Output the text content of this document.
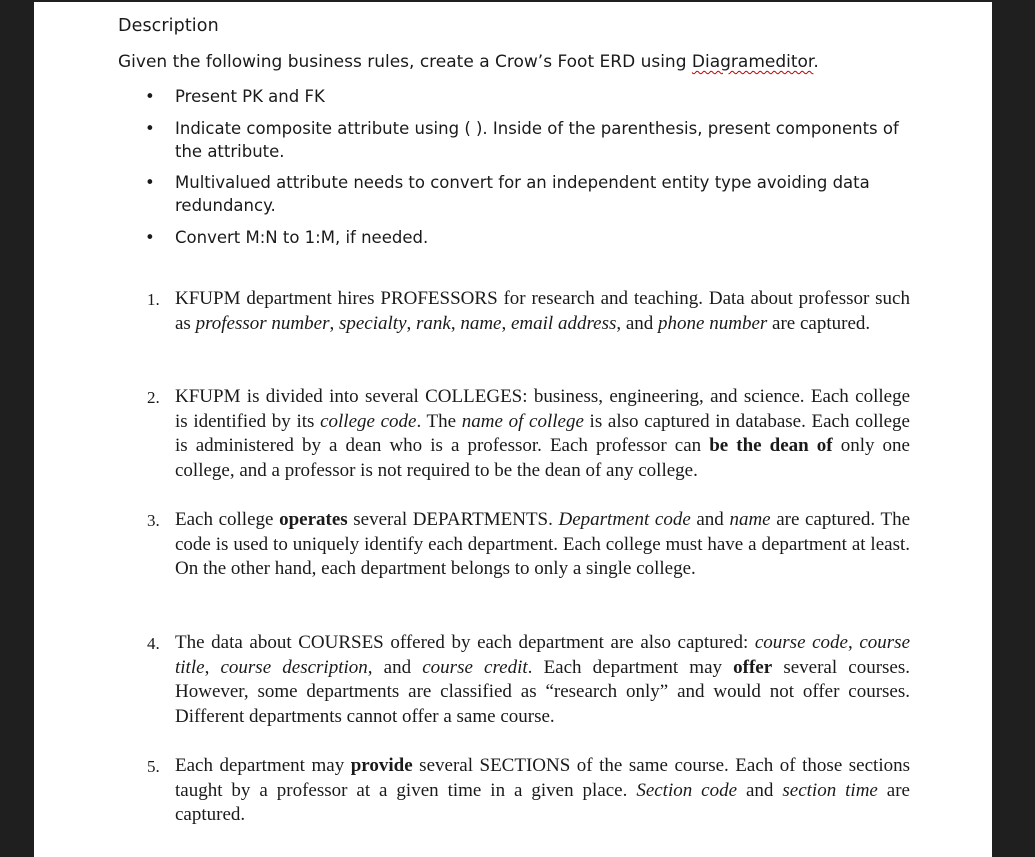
Description
Given the following business rules, create a Crow’s Foot ERD using Diagrameditor.
• Present PK and FK
• Indicate composite attribute using ( ). Inside of the parenthesis, present components of the attribute.
• Multivalued attribute needs to convert for an independent entity type avoiding data redundancy.
• Convert M:N to 1:M, if needed.
1. KFUPM department hires PROFESSORS for research and teaching. Data about professor such as professor number, specialty, rank, name, email address, and phone number are captured.
2. KFUPM is divided into several COLLEGES: business, engineering, and science. Each college is identified by its college code. The name of college is also captured in database. Each college is administered by a dean who is a professor. Each professor can be the dean of only one college, and a professor is not required to be the dean of any college.
3. Each college operates several DEPARTMENTS. Department code and name are captured. The code is used to uniquely identify each department. Each college must have a department at least. On the other hand, each department belongs to only a single college.
4. The data about COURSES offered by each department are also captured: course code, course title, course description, and course credit. Each department may offer several courses. However, some departments are classified as “research only” and would not offer courses. Different departments cannot offer a same course.
5. Each department may provide several SECTIONS of the same course. Each of those sections taught by a professor at a given time in a given place. Section code and section time are captured.
